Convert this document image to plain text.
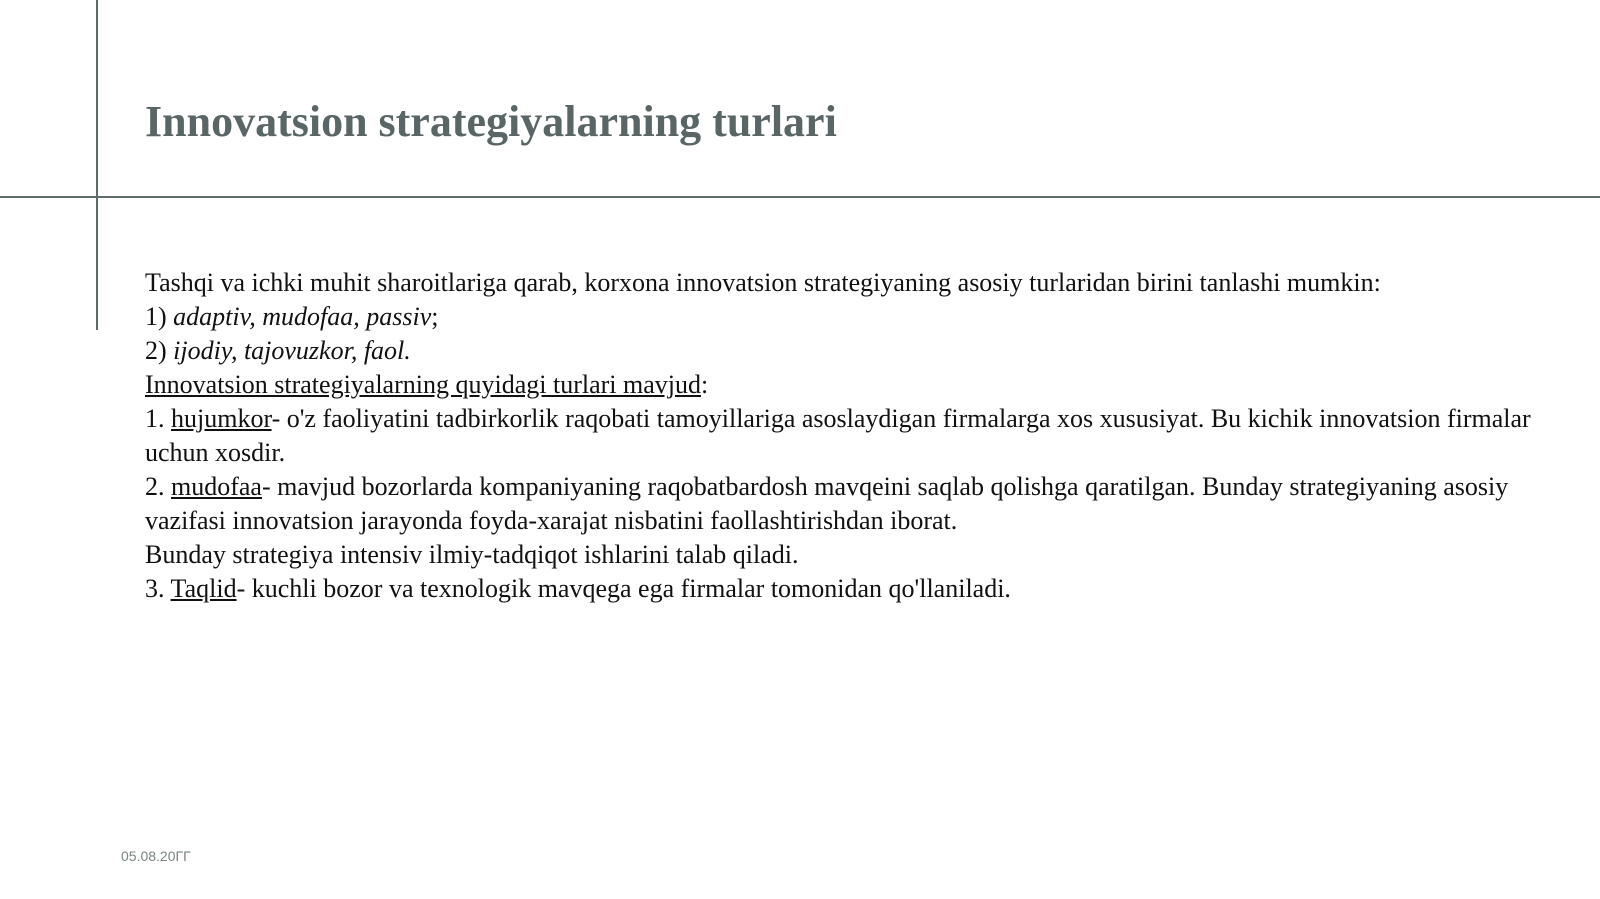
Innovatsion strategiyalarning turlari

Tashqi va ichki muhit sharoitlariga qarab, korxona innovatsion strategiyaning asosiy turlaridan birini tanlashi mumkin:

1) adaptiv, mudofaa, passiv;

2) ijodiy, tajovuzkor, faol.

Innovatsion strategiyalarning quyidagi turlari mavjud:

1. hujumkor- o'z faoliyatini tadbirkorlik raqobati tamoyillariga asoslaydigan firmalarga xos xususiyat. Bu kichik innovatsion firmalar uchun xosdir.

2. mudofaa- mavjud bozorlarda kompaniyaning raqobatbardosh mavqeini saqlab qolishga qaratilgan. Bunday strategiyaning asosiy vazifasi innovatsion jarayonda foyda-xarajat nisbatini faollashtirishdan iborat.

Bunday strategiya intensiv ilmiy-tadqiqot ishlarini talab qiladi.

3. Taqlid- kuchli bozor va texnologik mavqega ega firmalar tomonidan qo'llaniladi.

05.08.20ГГ
